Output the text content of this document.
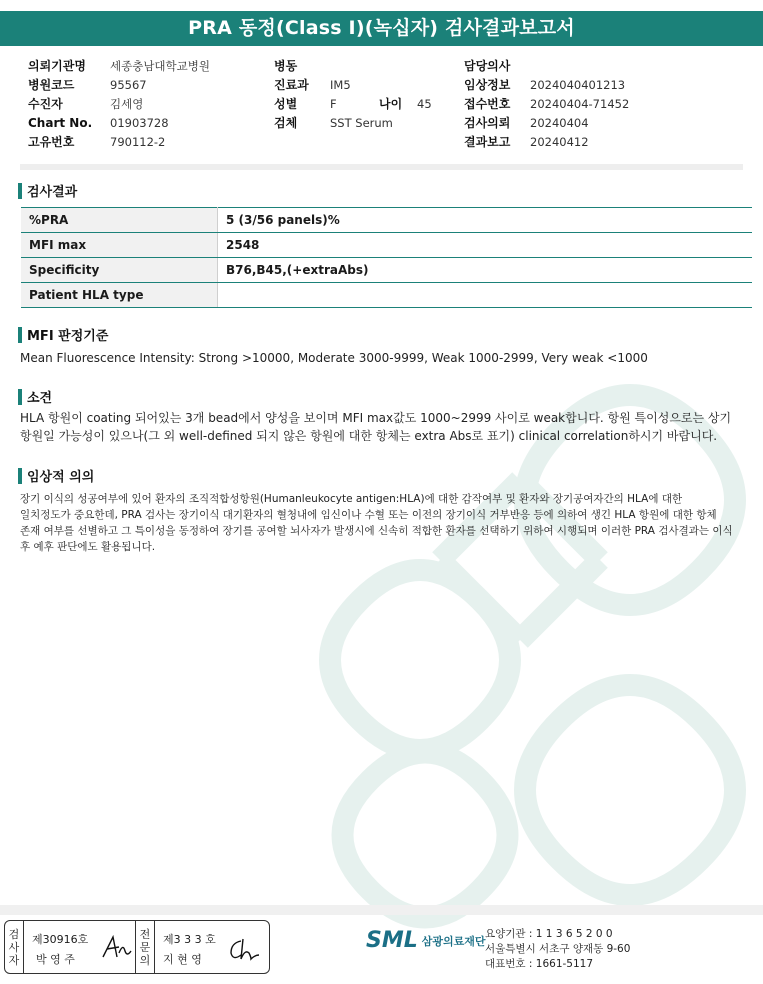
PRA 동정(Class I)(녹십자) 검사결과보고서
의뢰기관명	세종충남대학교병원
병원코드	95567
수진자	김세영
Chart No.	01903728
고유번호	790112-2
병동
진료과	IM5
성별	F	나이	45
검체	SST Serum
담당의사
임상정보	2024040401213
접수번호	20240404-71452
검사의뢰	20240404
결과보고	20240412
검사결과
%PRA	5 (3/56 panels)%
MFI max	2548
Specificity	B76,B45,(+extraAbs)
Patient HLA type	
MFI 판정기준
Mean Fluorescence Intensity: Strong >10000, Moderate 3000-9999, Weak 1000-2999, Very weak <1000
소견
HLA 항원이 coating 되어있는 3개 bead에서 양성을 보이며 MFI max값도 1000~2999 사이로 weak합니다. 항원 특이성으로는 상기
항원일 가능성이 있으나(그 외 well-defined 되지 않은 항원에 대한 항체는 extra Abs로 표기) clinical correlation하시기 바랍니다.
임상적 의의
장기 이식의 성공여부에 있어 환자의 조직적합성항원(Humanleukocyte antigen:HLA)에 대한 감작여부 및 환자와 장기공여자간의 HLA에 대한
일치정도가 중요한데, PRA 검사는 장기이식 대기환자의 혈청내에 임신이나 수혈 또는 이전의 장기이식 거부반응 등에 의하여 생긴 HLA 항원에 대한 항체
존재 여부를 선별하고 그 특이성을 동정하여 장기를 공여할 뇌사자가 발생시에 신속히 적합한 환자를 선택하기 위하여 시행되며 이러한 PRA 검사결과는 이식
후 예후 판단에도 활용됩니다.
검
사
자
제30916호
박 영 주
전
문
의
제3 3 3 호
지 현 영
SML 삼광의료재단
요양기관 : 1 1 3 6 5 2 0 0
서울특별시 서초구 양재동 9-60
대표번호 : 1661-5117
